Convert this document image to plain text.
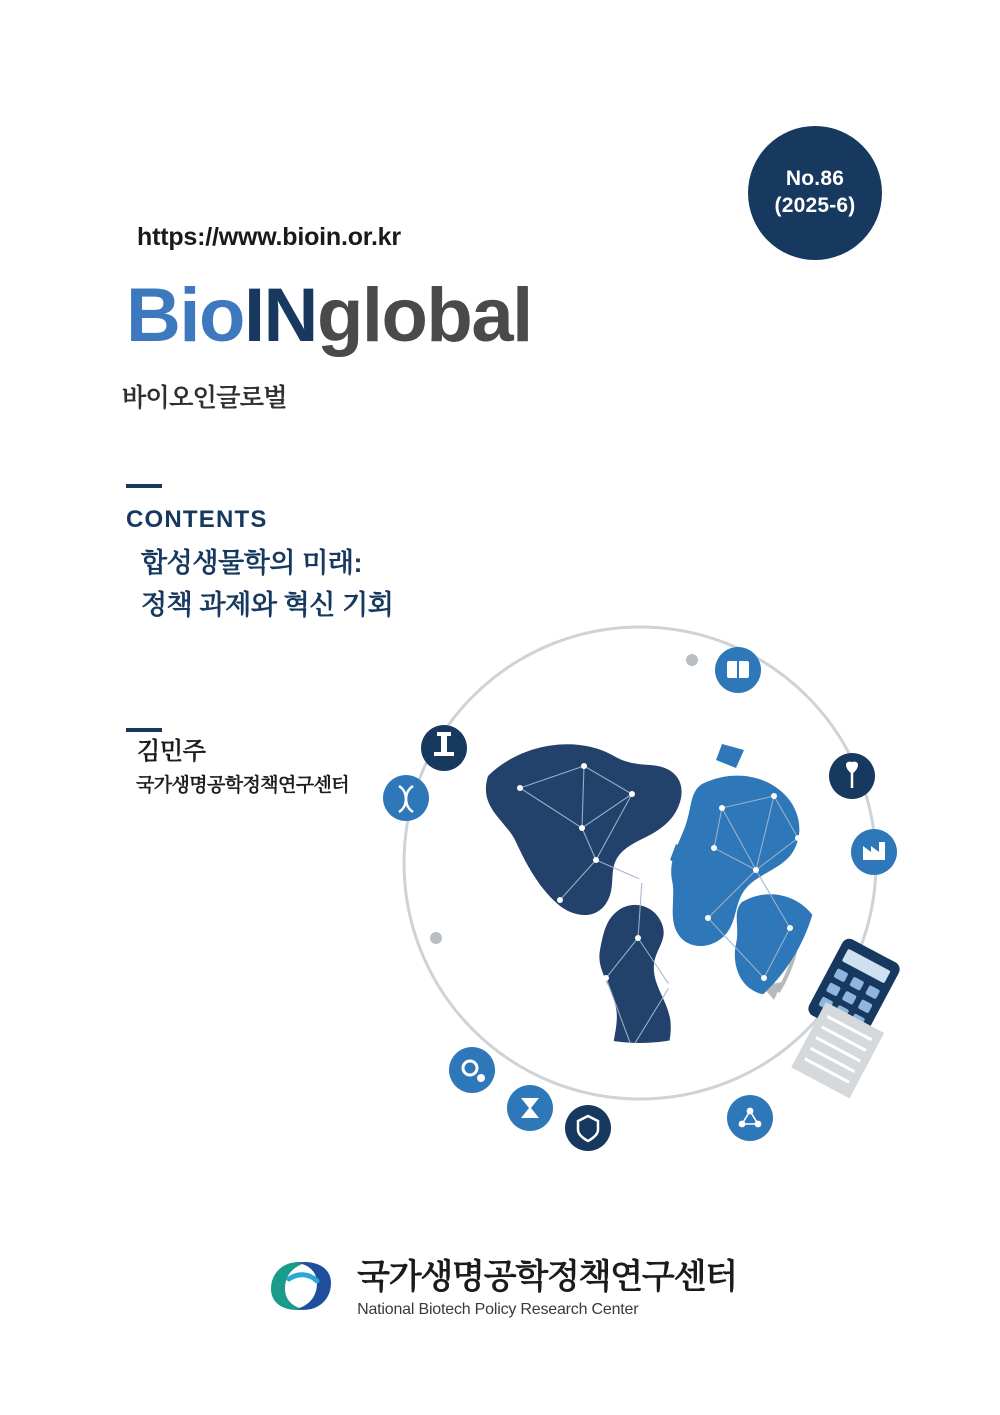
No.86
(2025-6)
https://www.bioin.or.kr
BioINglobal
바이오인글로벌
CONTENTS
합성생물학의 미래:
정책 과제와 혁신 기회
김민주
국가생명공학정책연구센터
국가생명공학정책연구센터
National Biotech Policy Research Center
